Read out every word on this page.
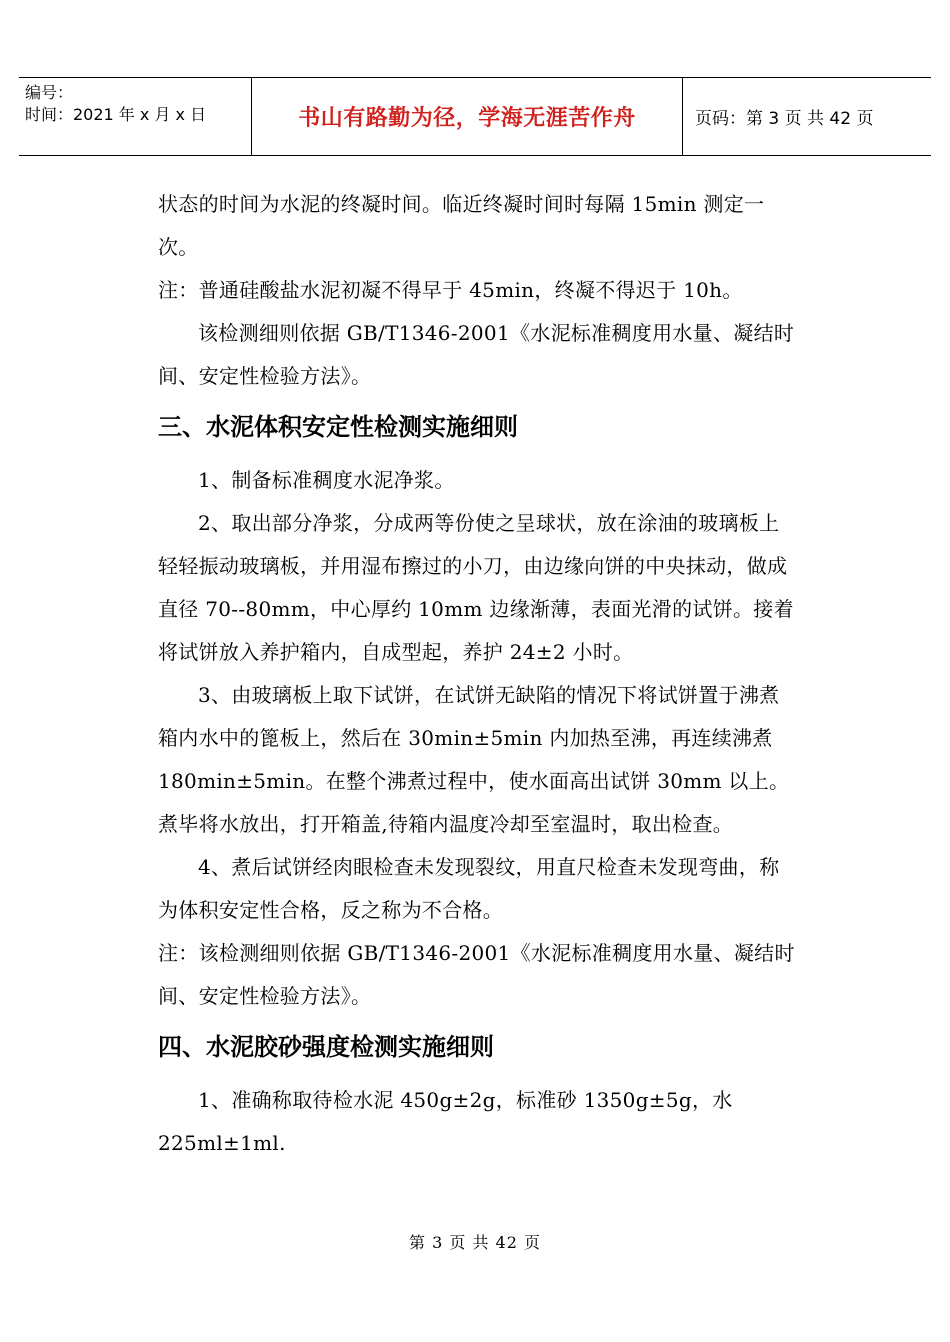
编号：
时间：2021 年 x 月 x 日	书山有路勤为径，学海无涯苦作舟	页码：第 3 页 共 42 页

状态的时间为水泥的终凝时间。临近终凝时间时每隔 15min 测定一次。

注：普通硅酸盐水泥初凝不得早于 45min，终凝不得迟于 10h。

该检测细则依据 GB/T1346-2001《水泥标准稠度用水量、凝结时间、安定性检验方法》。

三、水泥体积安定性检测实施细则

1、制备标准稠度水泥净浆。

2、取出部分净浆，分成两等份使之呈球状，放在涂油的玻璃板上轻轻振动玻璃板，并用湿布擦过的小刀，由边缘向饼的中央抹动，做成直径 70--80mm，中心厚约 10mm 边缘渐薄，表面光滑的试饼。接着将试饼放入养护箱内，自成型起，养护 24±2 小时。

3、由玻璃板上取下试饼，在试饼无缺陷的情况下将试饼置于沸煮箱内水中的篦板上，然后在 30min±5min 内加热至沸，再连续沸煮 180min±5min。在整个沸煮过程中，使水面高出试饼 30mm 以上。煮毕将水放出，打开箱盖,待箱内温度冷却至室温时，取出检查。

4、煮后试饼经肉眼检查未发现裂纹，用直尺检查未发现弯曲，称为体积安定性合格，反之称为不合格。

注：该检测细则依据 GB/T1346-2001《水泥标准稠度用水量、凝结时间、安定性检验方法》。

四、水泥胶砂强度检测实施细则

1、准确称取待检水泥 450g±2g，标准砂 1350g±5g，水 225ml±1ml.

第 3 页 共 42 页
